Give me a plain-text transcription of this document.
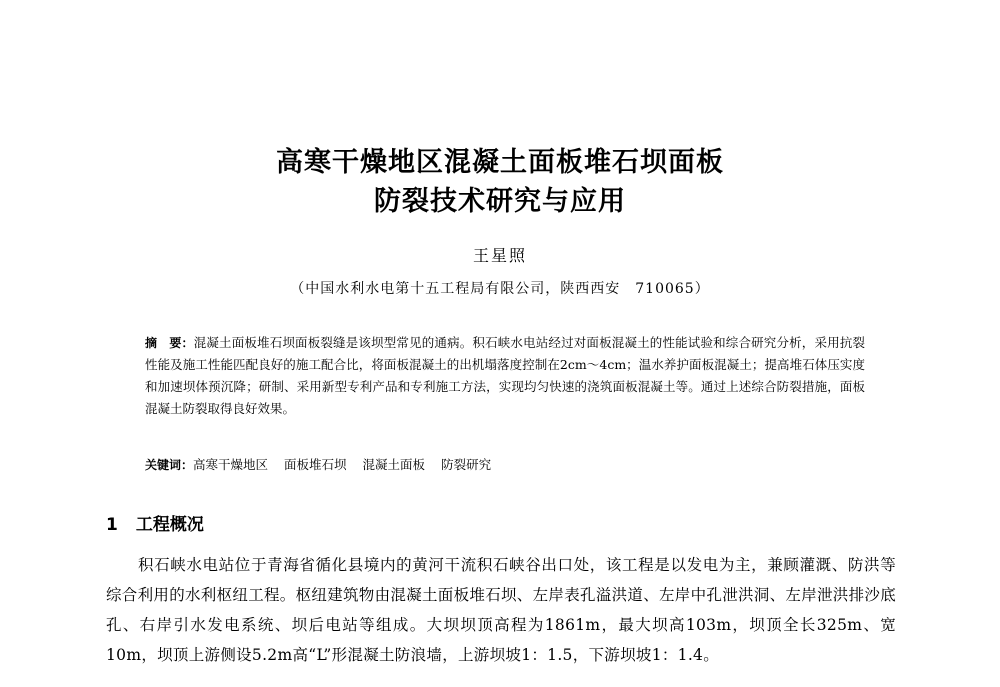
高寒干燥地区混凝土面板堆石坝面板
防裂技术研究与应用
王星照
（中国水利水电第十五工程局有限公司，陕西西安　710065）
摘　要：混凝土面板堆石坝面板裂缝是该坝型常见的通病。积石峡水电站经过对面板混凝土的性能试验和综合研究分析，采用抗裂性能及施工性能匹配良好的施工配合比，将面板混凝土的出机塌落度控制在2cm～4cm；温水养护面板混凝土；提高堆石体压实度和加速坝体预沉降；研制、采用新型专利产品和专利施工方法，实现均匀快速的浇筑面板混凝土等。通过上述综合防裂措施，面板混凝土防裂取得良好效果。
关键词：高寒干燥地区 面板堆石坝 混凝土面板 防裂研究
1 工程概况
积石峡水电站位于青海省循化县境内的黄河干流积石峡谷出口处，该工程是以发电为主，兼顾灌溉、防洪等综合利用的水利枢纽工程。枢纽建筑物由混凝土面板堆石坝、左岸表孔溢洪道、左岸中孔泄洪洞、左岸泄洪排沙底孔、右岸引水发电系统、坝后电站等组成。大坝坝顶高程为1861m，最大坝高103m，坝顶全长325m、宽10m，坝顶上游侧设5.2m高“L”形混凝土防浪墙，上游坝坡1：1.5，下游坝坡1：1.4。
